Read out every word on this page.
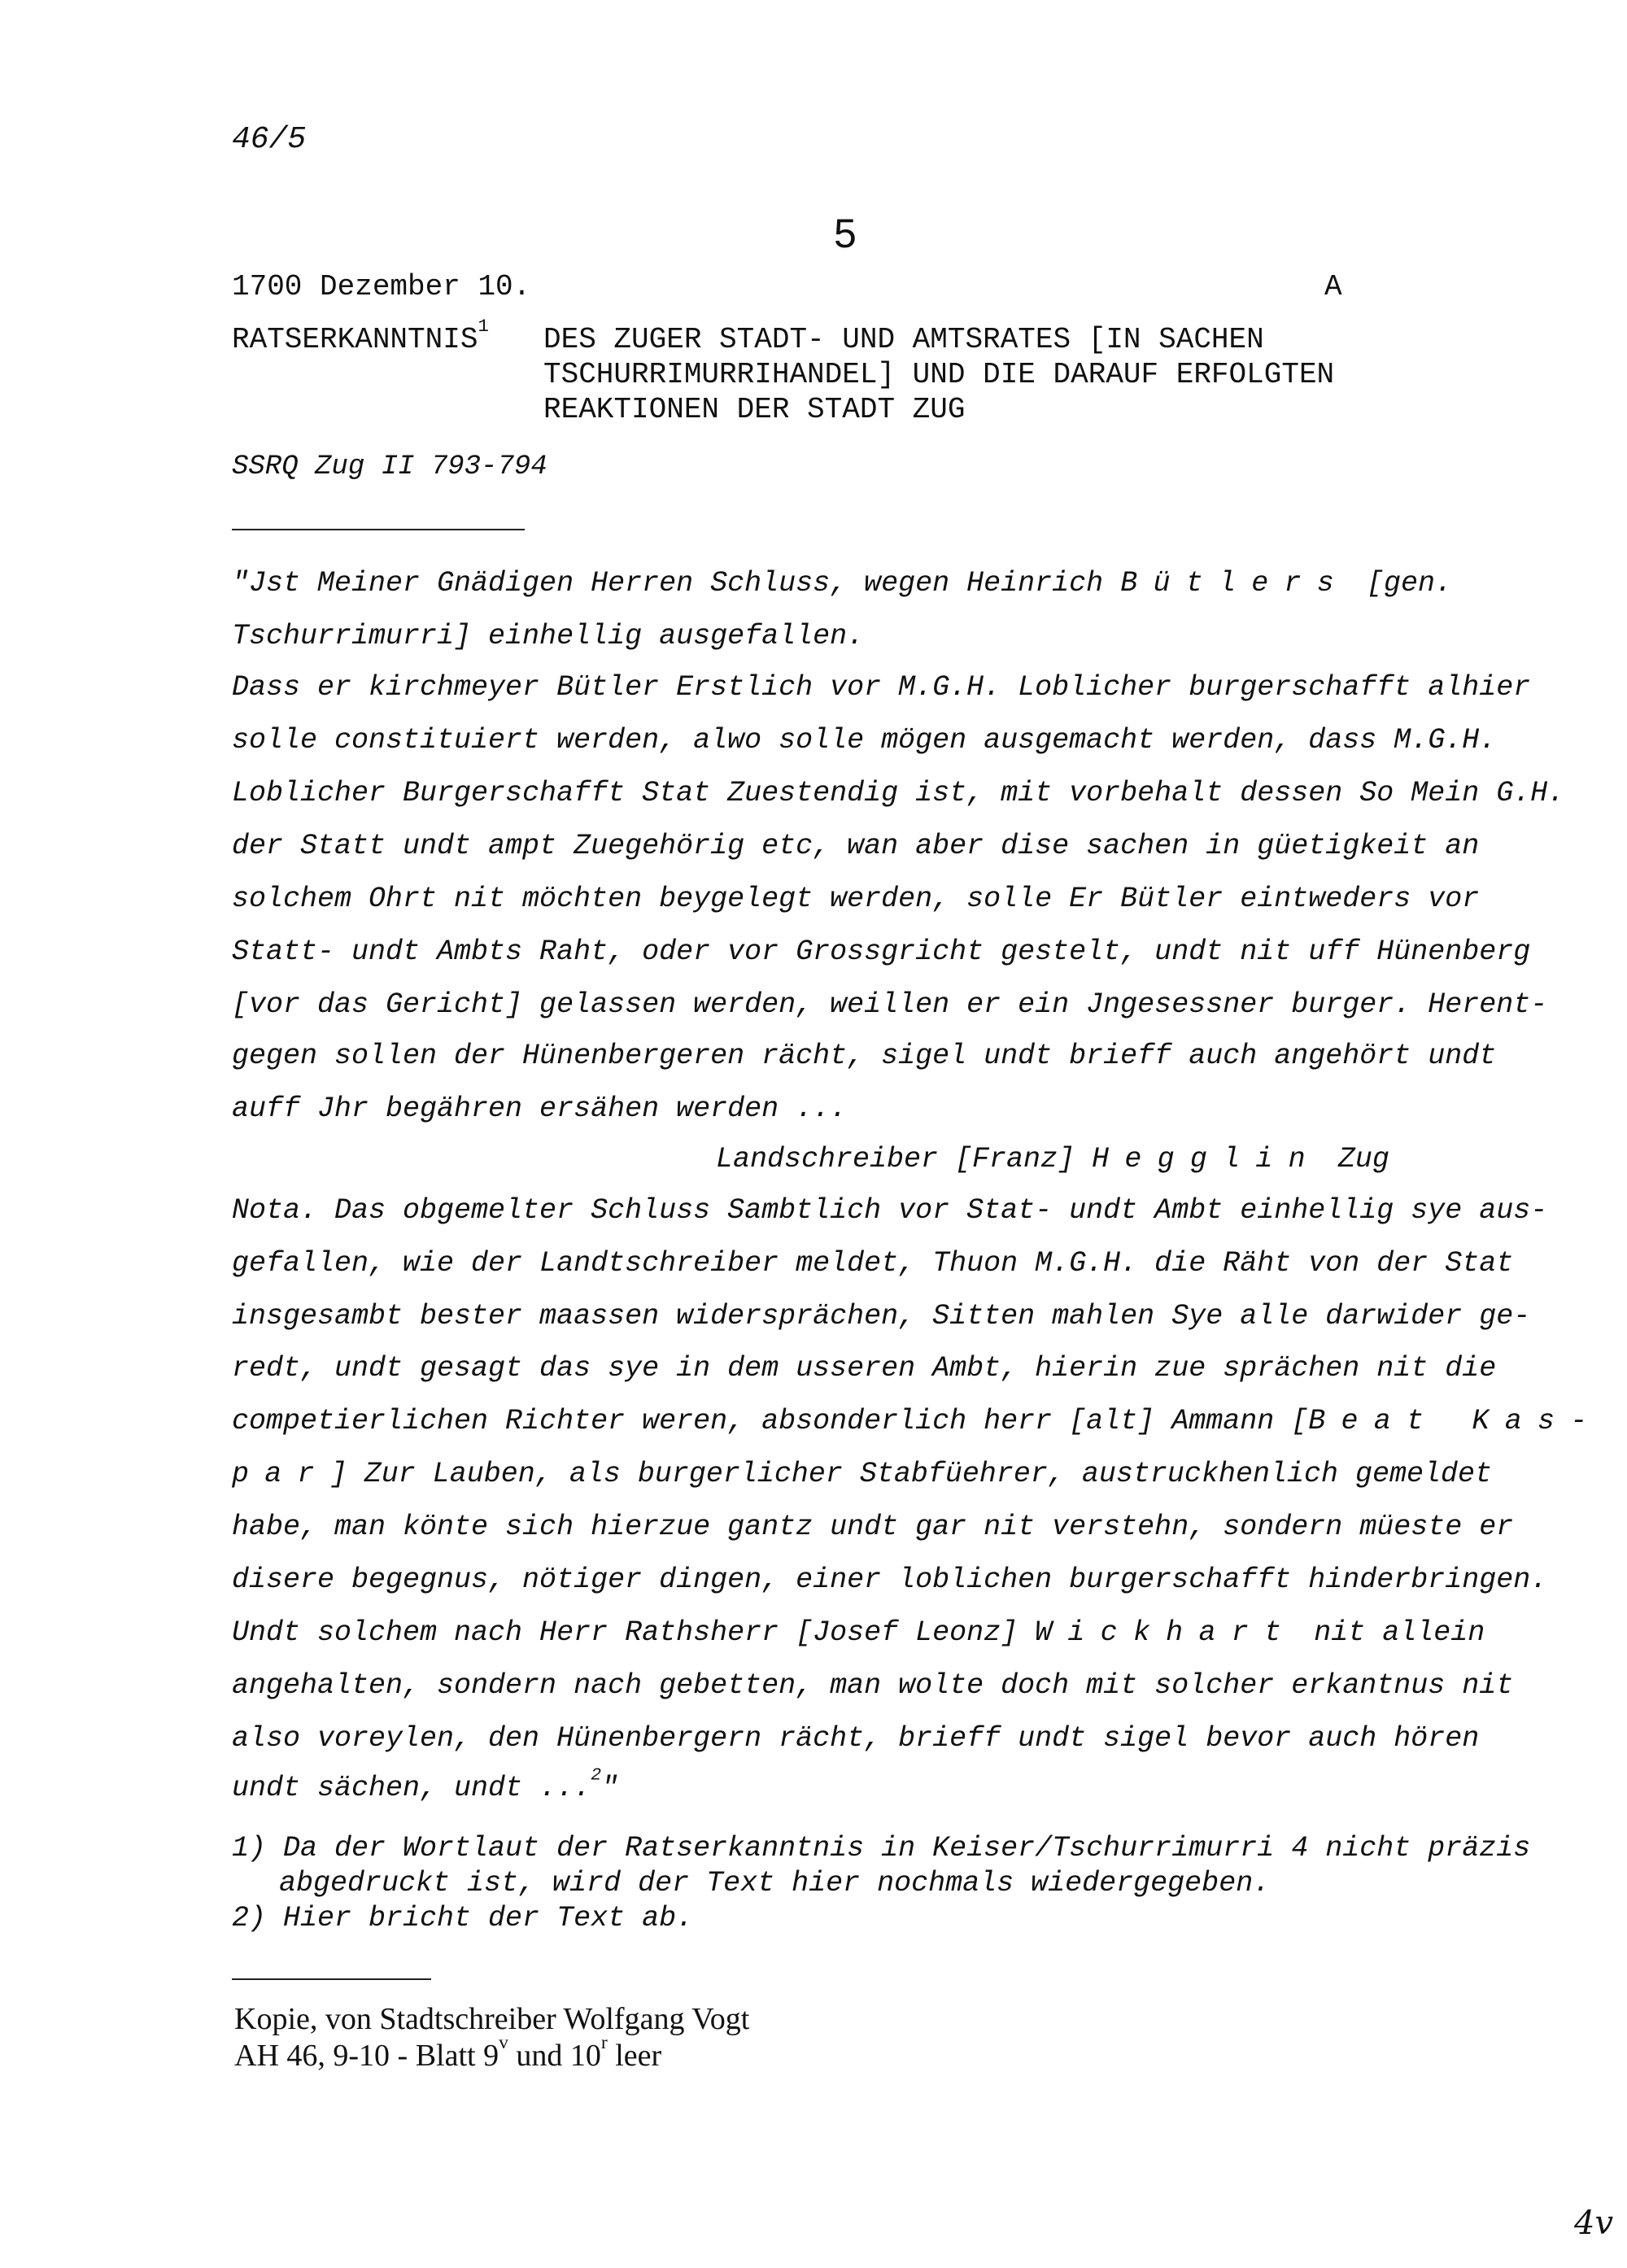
46/5
5
1700 Dezember 10.	A
RATSERKANNTNIS$^1$ DES ZUGER STADT- UND AMTSRATES [IN SACHEN
TSCHURRIMURRIHANDEL] UND DIE DARAUF ERFOLGTEN
REAKTIONEN DER STADT ZUG
SSRQ Zug II 793-794
"Jst Meiner Gnädigen Herren Schluss, wegen Heinrich Bütlers [gen.
Tschurrimurri] einhellig ausgefallen.
Dass er kirchmeyer Bütler Erstlich vor M.G.H. Loblicher burgerschafft alhier
solle constituiert werden, alwo solle mögen ausgemacht werden, dass M.G.H.
Loblicher Burgerschafft Stat Zuestendig ist, mit vorbehalt dessen So Mein G.H.
der Statt undt ampt Zuegehörig etc, wan aber dise sachen in güetigkeit an
solchem Ohrt nit möchten beygelegt werden, solle Er Bütler eintweders vor
Statt- undt Ambts Raht, oder vor Grossgricht gestelt, undt nit uff Hünenberg
[vor das Gericht] gelassen werden, weillen er ein Jngesessner burger. Herent-
gegen sollen der Hünenbergeren rächt, sigel undt brieff auch angehört undt
auff Jhr begähren ersähen werden ...
Landschreiber [Franz] Hegglin Zug
Nota. Das obgemelter Schluss Sambtlich vor Stat- undt Ambt einhellig sye aus-
gefallen, wie der Landtschreiber meldet, Thuon M.G.H. die Räht von der Stat
insgesambt bester maassen widersprächen, Sitten mahlen Sye alle darwider ge-
redt, undt gesagt das sye in dem usseren Ambt, hierin zue sprächen nit die
competierlichen Richter weren, absonderlich herr [alt] Ammann [Beat Kas-
par] Zur Lauben, als burgerlicher Stabfüehrer, austruckhenlich gemeldet
habe, man könte sich hierzue gantz undt gar nit verstehn, sondern müeste er
disere begegnus, nötiger dingen, einer loblichen burgerschafft hinderbringen.
Undt solchem nach Herr Rathsherr [Josef Leonz] Wickhart nit allein
angehalten, sondern nach gebetten, man wolte doch mit solcher erkantnus nit
also voreylen, den Hünenbergern rächt, brieff undt sigel bevor auch hören
undt sächen, undt ...$^2$"
1) Da der Wortlaut der Ratserkanntnis in Keiser/Tschurrimurri 4 nicht präzis
abgedruckt ist, wird der Text hier nochmals wiedergegeben.
2) Hier bricht der Text ab.
Kopie, von Stadtschreiber Wolfgang Vogt
AH 46, 9-10 - Blatt 9$^v$ und 10$^r$ leer
4v
